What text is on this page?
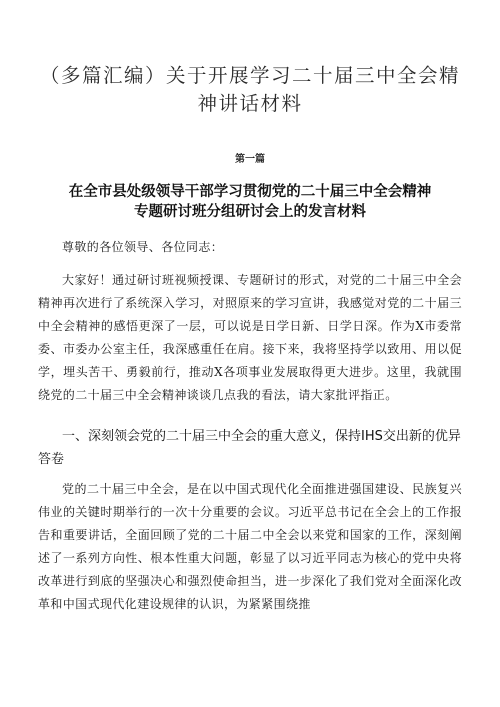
（多篇汇编）关于开展学习二十届三中全会精神讲话材料
第一篇
在全市县处级领导干部学习贯彻党的二十届三中全会精神
专题研讨班分组研讨会上的发言材料

尊敬的各位领导、各位同志：

大家好！通过研讨班视频授课、专题研讨的形式，对党的二十届三中全会精神再次进行了系统深入学习，对照原来的学习宣讲，我感觉对党的二十届三中全会精神的感悟更深了一层，可以说是日学日新、日学日深。作为X市委常委、市委办公室主任，我深感重任在肩。接下来，我将坚持学以致用、用以促学，埋头苦干、勇毅前行，推动X各项事业发展取得更大进步。这里，我就围绕党的二十届三中全会精神谈谈几点我的看法，请大家批评指正。

一、深刻领会党的二十届三中全会的重大意义，保持IHS交出新的优异答卷

党的二十届三中全会，是在以中国式现代化全面推进强国建设、民族复兴伟业的关键时期举行的一次十分重要的会议。习近平总书记在全会上的工作报告和重要讲话，全面回顾了党的二十届二中全会以来党和国家的工作，深刻阐述了一系列方向性、根本性重大问题，彰显了以习近平同志为核心的党中央将改革进行到底的坚强决心和强烈使命担当，进一步深化了我们党对全面深化改革和中国式现代化建设规律的认识，为紧紧围绕推
